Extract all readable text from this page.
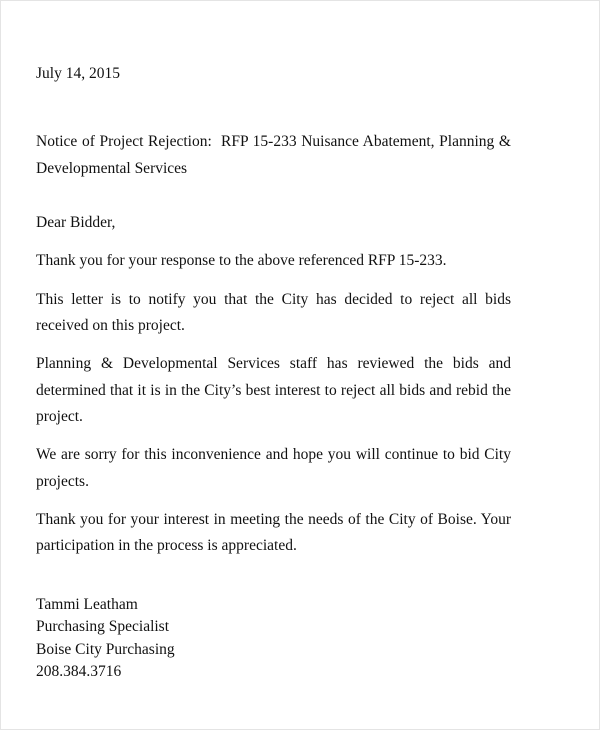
July 14, 2015
Notice of Project Rejection:  RFP 15-233 Nuisance Abatement, Planning & Developmental Services
Dear Bidder,

Thank you for your response to the above referenced RFP 15-233.

This letter is to notify you that the City has decided to reject all bids received on this project.

Planning & Developmental Services staff has reviewed the bids and determined that it is in the City’s best interest to reject all bids and rebid the project.

We are sorry for this inconvenience and hope you will continue to bid City projects.

Thank you for your interest in meeting the needs of the City of Boise. Your participation in the process is appreciated.

Tammi Leatham
Purchasing Specialist
Boise City Purchasing
208.384.3716
